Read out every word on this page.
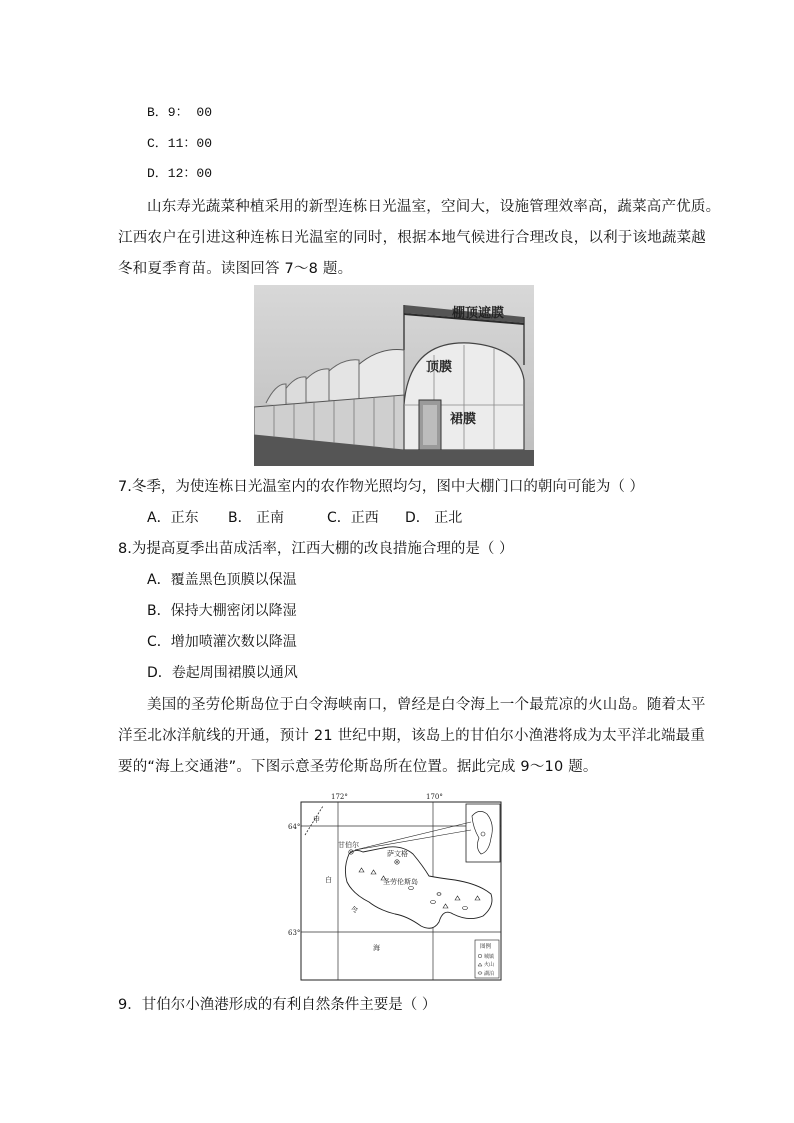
B．9： 00
C．11：00
D．12：00
山东寿光蔬菜种植采用的新型连栋日光温室，空间大，设施管理效率高，蔬菜高产优质。
江西农户在引进这种连栋日光温室的同时，根据本地气候进行合理改良，以利于该地蔬菜越
冬和夏季育苗。读图回答 7～8 题。
棚顶遮膜
顶膜
裙膜
7.冬季，为使连栋日光温室内的农作物光照均匀，图中大棚门口的朝向可能为（ ）
A．正东 B． 正南	C．正西 D． 正北
8.为提高夏季出苗成活率，江西大棚的改良措施合理的是（ ）
A．覆盖黑色顶膜以保温
B．保持大棚密闭以降湿
C．增加喷灌次数以降温
D．卷起周围裙膜以通风
美国的圣劳伦斯岛位于白令海峡南口，曾经是白令海上一个最荒凉的火山岛。随着太平
洋至北冰洋航线的开通，预计 21 世纪中期，该岛上的甘伯尔小渔港将成为太平洋北端最重
要的“海上交通港”。下图示意圣劳伦斯岛所在位置。据此完成 9～10 题。
172°	170°
64°
63°
甲
甘伯尔
萨文格
圣劳伦斯岛
白
令
海	图例
城镇
火山
湖泊
9．甘伯尔小渔港形成的有利自然条件主要是（ ）
